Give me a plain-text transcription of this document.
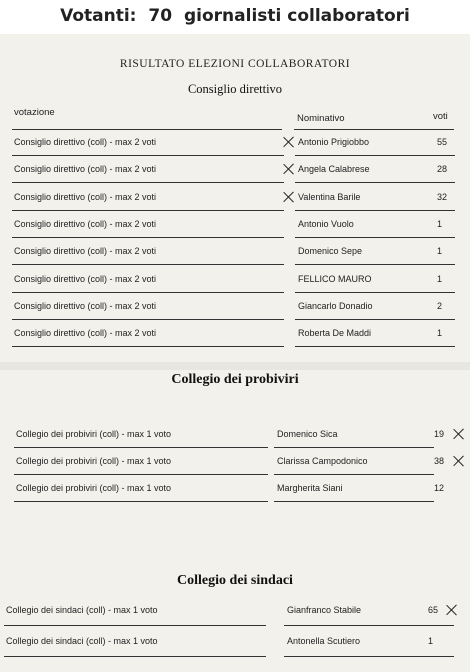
Votanti: 70 giornalisti collaboratori
RISULTATO ELEZIONI COLLABORATORI
Consiglio direttivo
votazione
Nominativo	voti
Consiglio direttivo (coll) - max 2 voti	Antonio Prigiobbo	55
Consiglio direttivo (coll) - max 2 voti	Angela Calabrese	28
Consiglio direttivo (coll) - max 2 voti	Valentina Barile	32
Consiglio direttivo (coll) - max 2 voti	Antonio Vuolo	1
Consiglio direttivo (coll) - max 2 voti	Domenico Sepe	1
Consiglio direttivo (coll) - max 2 voti	FELLICO MAURO	1
Consiglio direttivo (coll) - max 2 voti	Giancarlo Donadio	2
Consiglio direttivo (coll) - max 2 voti	Roberta De Maddi	1
Collegio dei probiviri
Collegio dei probiviri (coll) - max 1 voto	Domenico Sica	19
Collegio dei probiviri (coll) - max 1 voto	Clarissa Campodonico	38
Collegio dei probiviri (coll) - max 1 voto	Margherita Siani	12
Collegio dei sindaci
Collegio dei sindaci (coll) - max 1 voto	Gianfranco Stabile	65
Collegio dei sindaci (coll) - max 1 voto	Antonella Scutiero	1
